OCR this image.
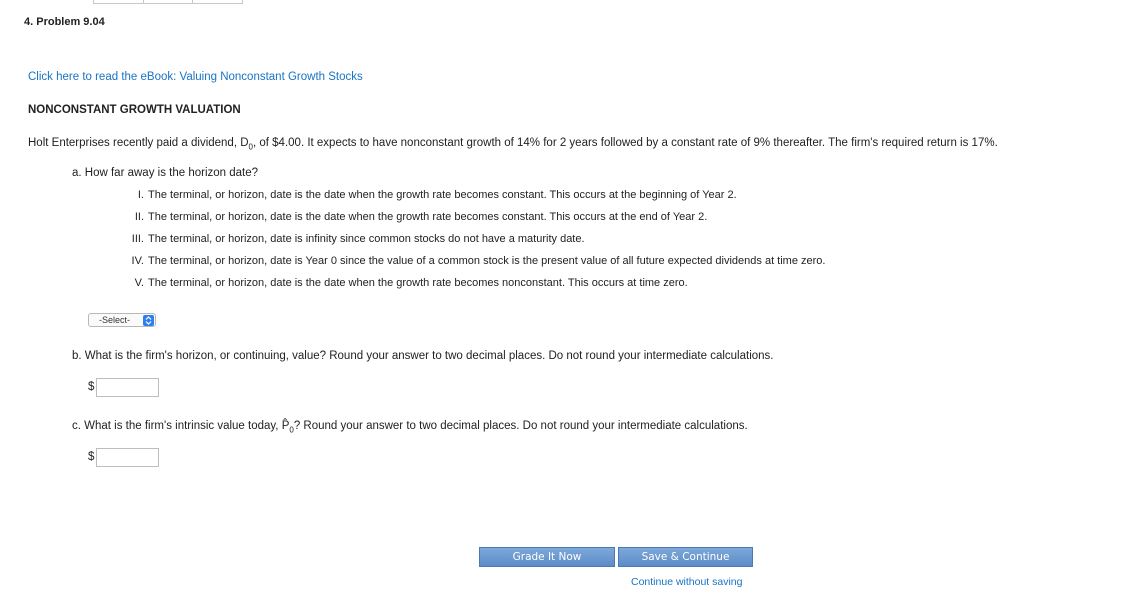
4. Problem 9.04
Click here to read the eBook: Valuing Nonconstant Growth Stocks
NONCONSTANT GROWTH VALUATION
Holt Enterprises recently paid a dividend, $D_0$, of $4.00. It expects to have nonconstant growth of 14% for 2 years followed by a constant rate of 9% thereafter. The firm's required return is 17%.
a. How far away is the horizon date?
I. The terminal, or horizon, date is the date when the growth rate becomes constant. This occurs at the beginning of Year 2.
II. The terminal, or horizon, date is the date when the growth rate becomes constant. This occurs at the end of Year 2.
III. The terminal, or horizon, date is infinity since common stocks do not have a maturity date.
IV. The terminal, or horizon, date is Year 0 since the value of a common stock is the present value of all future expected dividends at time zero.
V. The terminal, or horizon, date is the date when the growth rate becomes nonconstant. This occurs at time zero.
-Select-
b. What is the firm's horizon, or continuing, value? Round your answer to two decimal places. Do not round your intermediate calculations.
$
c. What is the firm's intrinsic value today, $P̂_0$? Round your answer to two decimal places. Do not round your intermediate calculations.
$
Grade It Now	Save & Continue
Continue without saving
